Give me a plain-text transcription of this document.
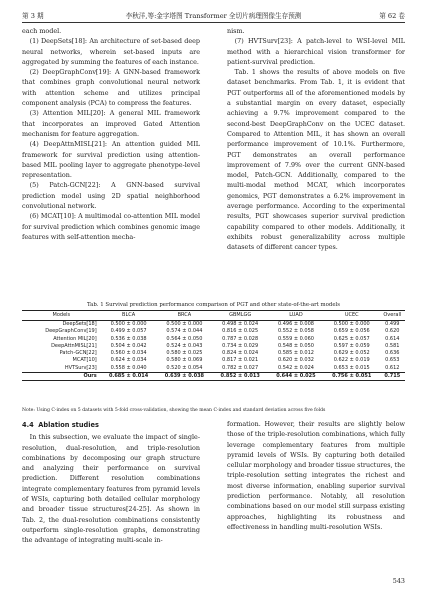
第 3 期	李秋洋,等:金字塔图 Transformer 全切片病理图像生存预测	第 62 卷

each model.

(1) DeepSets[18]: An architecture of set-based deep neural networks, wherein set-based inputs are aggregated by summing the features of each instance.

(2) DeepGraphConv[19]: A GNN-based framework that combines graph convolutional neural network with attention scheme and utilizes principal component analysis (PCA) to compress the features.

(3) Attention MIL[20]: A general MIL framework that incorporates an improved Gated Attention mechanism for feature aggregation.

(4) DeepAttnMISL[21]: An attention guided MIL framework for survival prediction using attention-based MIL pooling layer to aggregate phenotype-level representation.

(5) Patch-GCN[22]: A GNN-based survival prediction model using 2D spatial neighborhood convolutional network.

(6) MCAT[10]: A multimodal co-attention MIL model for survival prediction which combines genomic image features with self-attention mecha-

nism.

(7) HVTSurv[23]: A patch-level to WSI-level MIL method with a hierarchical vision transformer for patient-survival prediction.

Tab. 1 shows the results of above models on five dataset benchmarks. From Tab. 1, it is evident that PGT outperforms all of the aforementioned models by a substantial margin on every dataset, especially achieving a 9.7% improvement compared to the second-best DeepGraphConv on the UCEC dataset. Compared to Attention MIL, it has shown an overall performance improvement of 10.1%. Furthermore, PGT demonstrates an overall performance improvement of 7.9% over the current GNN-based model, Patch-GCN. Additionally, compared to the multi-modal method MCAT, which incorporates genomics, PGT demonstrates a 6.2% improvement in average performance. According to the experimental results, PGT showcases superior survival prediction capability compared to other models. Additionally, it exhibits robust generalizability across multiple datasets of different cancer types.

Tab. 1 Survival prediction performance comparison of PGT and other state-of-the-art models
Models	BLCA	BRCA	GBMLGG	LUAD	UCEC	Overall
DeepSets[18]	0.500 ± 0.000	0.500 ± 0.000	0.498 ± 0.024	0.496 ± 0.008	0.500 ± 0.000	0.499
DeepGraphConv[19]	0.499 ± 0.057	0.574 ± 0.044	0.816 ± 0.025	0.552 ± 0.058	0.659 ± 0.056	0.620
Attention MIL[20]	0.536 ± 0.038	0.564 ± 0.050	0.787 ± 0.028	0.559 ± 0.060	0.625 ± 0.057	0.614
DeepAttnMISL[21]	0.504 ± 0.042	0.524 ± 0.043	0.734 ± 0.029	0.548 ± 0.050	0.597 ± 0.059	0.581
Patch-GCN[22]	0.560 ± 0.034	0.580 ± 0.025	0.824 ± 0.024	0.585 ± 0.012	0.629 ± 0.052	0.636
MCAT[10]	0.624 ± 0.034	0.580 ± 0.069	0.817 ± 0.021	0.620 ± 0.032	0.622 ± 0.019	0.653
HVTSurv[23]	0.558 ± 0.040	0.520 ± 0.054	0.782 ± 0.027	0.542 ± 0.024	0.653 ± 0.015	0.612
Ours	0.685 ± 0.014	0.639 ± 0.038	0.852 ± 0.013	0.644 ± 0.025	0.756 ± 0.051	0.715
Note: Using C-index on 5 datasets with 5-fold cross-validation, showing the mean C-index and standard deviation across five folds
4.4 Ablation studies

In this subsection, we evaluate the impact of single-resolution, dual-resolution, and triple-resolution combinations by decomposing our graph structure and analyzing their performance on survival prediction. Different resolution combinations integrate complementary features from pyramid levels of WSIs, capturing both detailed cellular morphology and broader tissue structures[24-25]. As shown in Tab. 2, the dual-resolution combinations consistently outperform single-resolution graphs, demonstrating the advantage of integrating multi-scale in-

formation. However, their results are slightly below those of the triple-resolution combinations, which fully leverage complementary features from multiple pyramid levels of WSIs. By capturing both detailed cellular morphology and broader tissue structures, the triple-resolution setting integrates the richest and most diverse information, enabling superior survival prediction performance. Notably, all resolution combinations based on our model still surpass existing approaches, highlighting its robustness and effectiveness in handling multi-resolution WSIs.

543
